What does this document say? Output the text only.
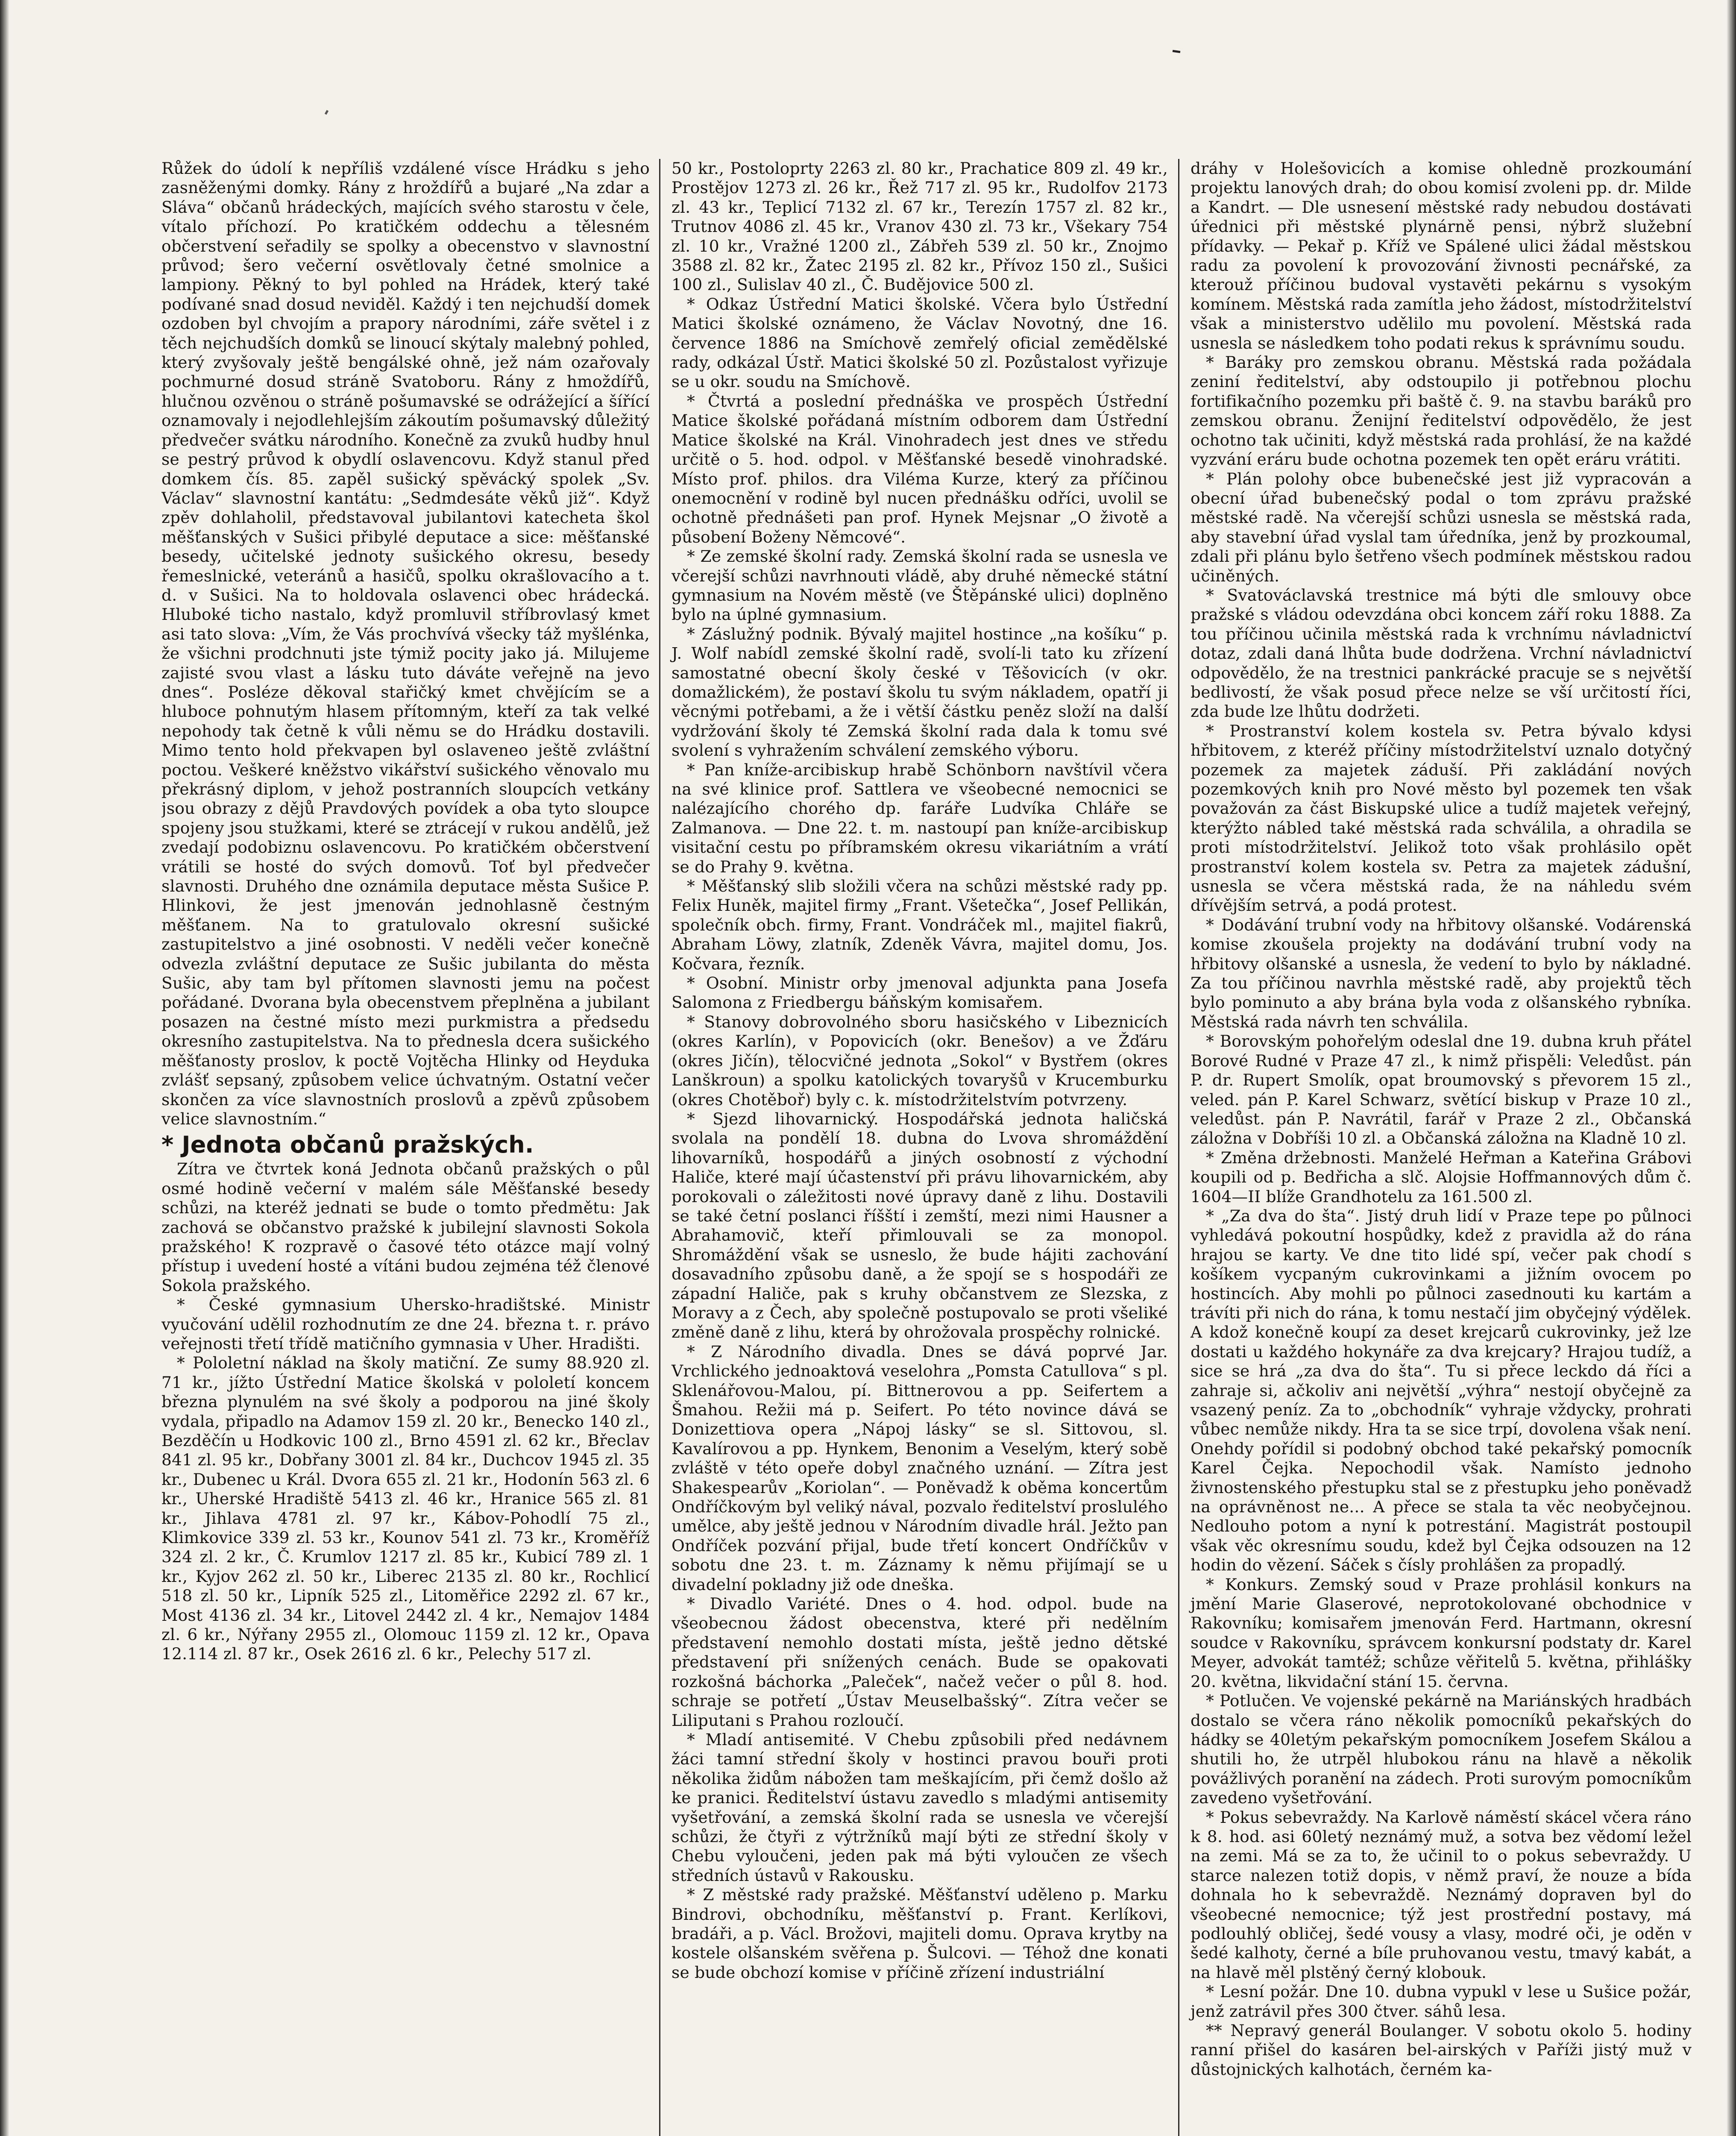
Růžek do údolí k nepříliš vzdálené vísce Hrádku s jeho zasněženými domky. Rány z hroždířů a bujaré „Na zdar a Sláva“ občanů hrádeckých, majících svého starostu v čele, vítalo příchozí. Po kratičkém oddechu a tělesném občerstvení seřadily se spolky a obecenstvo v slavnostní průvod; šero večerní osvětlovaly četné smolnice a lampiony. Pěkný to byl pohled na Hrádek, který také podívané snad dosud neviděl. Každý i ten nejchudší domek ozdoben byl chvojím a prapory národními, záře světel i z těch nejchudších domků se linoucí skýtaly malebný pohled, který zvyšovaly ještě bengálské ohně, jež nám ozařovaly pochmurné dosud stráně Svatoboru. Rány z hmoždířů, hlučnou ozvěnou o stráně pošumavské se odrážející a šířící oznamovaly i nejodlehlejším zákoutím pošumavský důležitý předvečer svátku národního. Konečně za zvuků hudby hnul se pestrý průvod k obydlí oslavencovu. Když stanul před domkem čís. 85. zapěl sušický spěvácký spolek „Sv. Václav“ slavnostní kantátu: „Sedmdesáte věků již“. Když zpěv dohlaholil, představoval jubilantovi katecheta škol měšťanských v Sušici přibylé deputace a sice: měšťanské besedy, učitelské jednoty sušického okresu, besedy řemeslnické, veteránů a hasičů, spolku okrašlovacího a t. d. v Sušici. Na to holdovala oslavenci obec hrádecká. Hluboké ticho nastalo, když promluvil stříbrovlasý kmet asi tato slova: „Vím, že Vás prochvívá všecky táž myšlénka, že všichni prodchnuti jste týmiž pocity jako já. Milujeme zajisté svou vlast a lásku tuto dáváte veřejně na jevo dnes“. Posléze děkoval stařičký kmet chvějícím se a hluboce pohnutým hlasem přítomným, kteří za tak velké nepohody tak četně k vůli němu se do Hrádku dostavili. Mimo tento hold překvapen byl oslaveneo ještě zvláštní poctou. Veškeré kněžstvo vikářství sušického věnovalo mu překrásný diplom, v jehož postranních sloupcích vetkány jsou obrazy z dějů Pravdových povídek a oba tyto sloupce spojeny jsou stužkami, které se ztrácejí v rukou andělů, jež zvedají podobiznu oslavencovu. Po kratičkém občerstvení vrátili se hosté do svých domovů. Toť byl předvečer slavnosti. Druhého dne oznámila deputace města Sušice P. Hlinkovi, že jest jmenován jednohlasně čestným měšťanem. Na to gratulovalo okresní sušické zastupitelstvo a jiné osobnosti. V neděli večer konečně odvezla zvláštní deputace ze Sušic jubilanta do města Sušic, aby tam byl přítomen slavnosti jemu na počest pořádané. Dvorana byla obecenstvem přeplněna a jubilant posazen na čestné místo mezi purkmistra a předsedu okresního zastupitelstva. Na to přednesla dcera sušického měšťanosty proslov, k poctě Vojtěcha Hlinky od Heyduka zvlášť sepsaný, způsobem velice úchvatným. Ostatní večer skončen za více slavnostních proslovů a zpěvů způsobem velice slavnostním.“

* Jednota občanů pražských.

Zítra ve čtvrtek koná Jednota občanů pražských o půl osmé hodině večerní v malém sále Měšťanské besedy schůzi, na kteréž jednati se bude o tomto předmětu: Jak zachová se občanstvo pražské k jubilejní slavnosti Sokola pražského! K rozpravě o časové této otázce mají volný přístup i uvedení hosté a vítáni budou zejména též členové Sokola pražského.

* České gymnasium Uhersko-hradištské. Ministr vyučování udělil rozhodnutím ze dne 24. března t. r. právo veřejnosti třetí třídě matičního gymnasia v Uher. Hradišti.

* Pololetní náklad na školy matiční. Ze sumy 88.920 zl. 71 kr., jížto Ústřední Matice školská v pololetí koncem března plynulém na své školy a podporou na jiné školy vydala, připadlo na Adamov 159 zl. 20 kr., Benecko 140 zl., Bezděčín u Hodkovic 100 zl., Brno 4591 zl. 62 kr., Břeclav 841 zl. 95 kr., Dobřany 3001 zl. 84 kr., Duchcov 1945 zl. 35 kr., Dubenec u Král. Dvora 655 zl. 21 kr., Hodonín 563 zl. 6 kr., Uherské Hradiště 5413 zl. 46 kr., Hranice 565 zl. 81 kr., Jihlava 4781 zl. 97 kr., Kábov-Pohodlí 75 zl., Klimkovice 339 zl. 53 kr., Kounov 541 zl. 73 kr., Kroměříž 324 zl. 2 kr., Č. Krumlov 1217 zl. 85 kr., Kubicí 789 zl. 1 kr., Kyjov 262 zl. 50 kr., Liberec 2135 zl. 80 kr., Rochlicí 518 zl. 50 kr., Lipník 525 zl., Litoměřice 2292 zl. 67 kr., Most 4136 zl. 34 kr., Litovel 2442 zl. 4 kr., Nemajov 1484 zl. 6 kr., Nýřany 2955 zl., Olomouc 1159 zl. 12 kr., Opava 12.114 zl. 87 kr., Osek 2616 zl. 6 kr., Pelechy 517 zl.

50 kr., Postoloprty 2263 zl. 80 kr., Prachatice 809 zl. 49 kr., Prostějov 1273 zl. 26 kr., Řež 717 zl. 95 kr., Rudolfov 2173 zl. 43 kr., Teplicí 7132 zl. 67 kr., Terezín 1757 zl. 82 kr., Trutnov 4086 zl. 45 kr., Vranov 430 zl. 73 kr., Všekary 754 zl. 10 kr., Vražné 1200 zl., Zábřeh 539 zl. 50 kr., Znojmo 3588 zl. 82 kr., Žatec 2195 zl. 82 kr., Přívoz 150 zl., Sušici 100 zl., Sulislav 40 zl., Č. Budějovice 500 zl.

* Odkaz Ústřední Matici školské. Včera bylo Ústřední Matici školské oznámeno, že Václav Novotný, dne 16. července 1886 na Smíchově zemřelý oficial zemědělské rady, odkázal Ústř. Matici školské 50 zl. Pozůstalost vyřizuje se u okr. soudu na Smíchově.

* Čtvrtá a poslední přednáška ve prospěch Ústřední Matice školské pořádaná místním odborem dam Ústřední Matice školské na Král. Vinohradech jest dnes ve středu určitě o 5. hod. odpol. v Měšťanské besedě vinohradské. Místo prof. philos. dra Viléma Kurze, který za příčinou onemocnění v rodině byl nucen přednášku odříci, uvolil se ochotně přednášeti pan prof. Hynek Mejsnar „O životě a působení Boženy Němcové“.

* Ze zemské školní rady. Zemská školní rada se usnesla ve včerejší schůzi navrhnouti vládě, aby druhé německé státní gymnasium na Novém městě (ve Štěpánské ulici) doplněno bylo na úplné gymnasium.

* Záslužný podnik. Bývalý majitel hostince „na košíku“ p. J. Wolf nabídl zemské školní radě, svolí-li tato ku zřízení samostatné obecní školy české v Těšovicích (v okr. domažlickém), že postaví školu tu svým nákladem, opatří ji věcnými potřebami, a že i větší částku peněz složí na další vydržování školy té Zemská školní rada dala k tomu své svolení s vyhražením schválení zemského výboru.

* Pan kníže-arcibiskup hrabě Schönborn navštívil včera na své klinice prof. Sattlera ve všeobecné nemocnici se nalézajícího chorého dp. faráře Ludvíka Chláře se Zalmanova. — Dne 22. t. m. nastoupí pan kníže-arcibiskup visitační cestu po příbramském okresu vikariátním a vrátí se do Prahy 9. května.

* Měšťanský slib složili včera na schůzi městské rady pp. Felix Huněk, majitel firmy „Frant. Všetečka“, Josef Pellikán, společník obch. firmy, Frant. Vondráček ml., majitel fiakrů, Abraham Löwy, zlatník, Zdeněk Vávra, majitel domu, Jos. Kočvara, řezník.

* Osobní. Ministr orby jmenoval adjunkta pana Josefa Salomona z Friedbergu báňským komisařem.

* Stanovy dobrovolného sboru hasičského v Libeznicích (okres Karlín), v Popovicích (okr. Benešov) a ve Žďáru (okres Jičín), tělocvičné jednota „Sokol“ v Bystřem (okres Lanškroun) a spolku katolických tovaryšů v Krucemburku (okres Chotěboř) byly c. k. místodržitelstvím potvrzeny.

* Sjezd lihovarnický. Hospodářská jednota haličská svolala na pondělí 18. dubna do Lvova shromáždění lihovarníků, hospodářů a jiných osobností z východní Haliče, které mají účastenství při právu lihovarnickém, aby porokovali o záležitosti nové úpravy daně z lihu. Dostavili se také četní poslanci říšští i zemští, mezi nimi Hausner a Abrahamovič, kteří přimlouvali se za monopol. Shromáždění však se usneslo, že bude hájiti zachování dosavadního způsobu daně, a že spojí se s hospodáři ze západní Haliče, pak s kruhy občanstvem ze Slezska, z Moravy a z Čech, aby společně postupovalo se proti všeliké změně daně z lihu, která by ohrožovala prospěchy rolnické.

* Z Národního divadla. Dnes se dává poprvé Jar. Vrchlického jednoaktová veselohra „Pomsta Catullova“ s pl. Sklenářovou-Malou, pí. Bittnerovou a pp. Seifertem a Šmahou. Režii má p. Seifert. Po této novince dává se Donizettiova opera „Nápoj lásky“ se sl. Sittovou, sl. Kavalírovou a pp. Hynkem, Benonim a Veselým, který sobě zvláště v této opeře dobyl značného uznání. — Zítra jest Shakespearův „Koriolan“. — Poněvadž k oběma koncertům Ondříčkovým byl veliký nával, pozvalo ředitelství proslulého umělce, aby ještě jednou v Národním divadle hrál. Ježto pan Ondříček pozvání přijal, bude třetí koncert Ondříčkův v sobotu dne 23. t. m. Záznamy k němu přijímají se u divadelní pokladny již ode dneška.

* Divadlo Variété. Dnes o 4. hod. odpol. bude na všeobecnou žádost obecenstva, které při nedělním představení nemohlo dostati místa, ještě jedno dětské představení při snížených cenách. Bude se opakovati rozkošná báchorka „Paleček“, načež večer o půl 8. hod. schraje se potřetí „Ústav Meuselbašský“. Zítra večer se Liliputani s Prahou rozloučí.

* Mladí antisemité. V Chebu způsobili před nedávnem žáci tamní střední školy v hostinci pravou bouři proti několika židům nábožen tam meškajícím, při čemž došlo až ke pranici. Ředitelství ústavu zavedlo s mladými antisemity vyšetřování, a zemská školní rada se usnesla ve včerejší schůzi, že čtyři z výtržníků mají býti ze střední školy v Chebu vyloučeni, jeden pak má býti vyloučen ze všech středních ústavů v Rakousku.

* Z městské rady pražské. Měšťanství uděleno p. Marku Bindrovi, obchodníku, měšťanství p. Frant. Kerlíkovi, bradáři, a p. Václ. Brožovi, majiteli domu. Oprava krytby na kostele olšanském svěřena p. Šulcovi. — Téhož dne konati se bude obchozí komise v příčině zřízení industriální

dráhy v Holešovicích a komise ohledně prozkoumání projektu lanových drah; do obou komisí zvoleni pp. dr. Milde a Kandrt. — Dle usnesení městské rady nebudou dostávati úřednici při městské plynárně pensi, nýbrž služební přídavky. — Pekař p. Kříž ve Spálené ulici žádal městskou radu za povolení k provozování živnosti pecnářské, za kterouž příčinou budoval vystavěti pekárnu s vysokým komínem. Městská rada zamítla jeho žádost, místodržitelství však a ministerstvo udělilo mu povolení. Městská rada usnesla se následkem toho podati rekus k správnímu soudu.

* Baráky pro zemskou obranu. Městská rada požádala zeniní ředitelství, aby odstoupilo ji potřebnou plochu fortifikačního pozemku při baště č. 9. na stavbu baráků pro zemskou obranu. Ženijní ředitelství odpovědělo, že jest ochotno tak učiniti, když městská rada prohlásí, že na každé vyzvání eráru bude ochotna pozemek ten opět eráru vrátiti.

* Plán polohy obce bubenečské jest již vypracován a obecní úřad bubenečský podal o tom zprávu pražské městské radě. Na včerejší schůzi usnesla se městská rada, aby stavební úřad vyslal tam úředníka, jenž by prozkoumal, zdali při plánu bylo šetřeno všech podmínek městskou radou učiněných.

* Svatováclavská trestnice má býti dle smlouvy obce pražské s vládou odevzdána obci koncem září roku 1888. Za tou příčinou učinila městská rada k vrchnímu návladnictví dotaz, zdali daná lhůta bude dodržena. Vrchní návladnictví odpovědělo, že na trestnici pankrácké pracuje se s největší bedlivostí, že však posud přece nelze se vší určitostí říci, zda bude lze lhůtu dodržeti.

* Prostranství kolem kostela sv. Petra bývalo kdysi hřbitovem, z kteréž příčiny místodržitelství uznalo dotyčný pozemek za majetek záduší. Při zakládání nových pozemkových knih pro Nové město byl pozemek ten však považován za část Biskupské ulice a tudíž majetek veřejný, kterýžto nábled také městská rada schválila, a ohradila se proti místodržitelství. Jelikož toto však prohlásilo opět prostranství kolem kostela sv. Petra za majetek zádušní, usnesla se včera městská rada, že na náhledu svém dřívějším setrvá, a podá protest.

* Dodávání trubní vody na hřbitovy olšanské. Vodárenská komise zkoušela projekty na dodávání trubní vody na hřbitovy olšanské a usnesla, že vedení to bylo by nákladné. Za tou příčinou navrhla městské radě, aby projektů těch bylo pominuto a aby brána byla voda z olšanského rybníka. Městská rada návrh ten schválila.

* Borovským pohořelým odeslal dne 19. dubna kruh přátel Borové Rudné v Praze 47 zl., k nimž přispěli: Veledůst. pán P. dr. Rupert Smolík, opat broumovský s převorem 15 zl., veled. pán P. Karel Schwarz, světící biskup v Praze 10 zl., veledůst. pán P. Navrátil, farář v Praze 2 zl., Občanská záložna v Dobříši 10 zl. a Občanská záložna na Kladně 10 zl.

* Změna držebnosti. Manželé Heřman a Kateřina Grábovi koupili od p. Bedřicha a slč. Alojsie Hoffmannových dům č. 1604—II blíže Grandhotelu za 161.500 zl.

* „Za dva do šta“. Jistý druh lidí v Praze tepe po půlnoci vyhledává pokoutní hospůdky, kdež z pravidla až do rána hrajou se karty. Ve dne tito lidé spí, večer pak chodí s košíkem vycpaným cukrovinkami a jižním ovocem po hostincích. Aby mohli po půlnoci zasednouti ku kartám a trávíti při nich do rána, k tomu nestačí jim obyčejný výdělek. A kdož konečně koupí za deset krejcarů cukrovinky, jež lze dostati u každého hokynáře za dva krejcary? Hrajou tudíž, a sice se hrá „za dva do šta“. Tu si přece leckdo dá říci a zahraje si, ačkoliv ani největší „výhra“ nestojí obyčejně za vsazený peníz. Za to „obchodník“ vyhraje vždycky, prohrati vůbec nemůže nikdy. Hra ta se sice trpí, dovolena však není. Onehdy pořídil si podobný obchod také pekařský pomocník Karel Čejka. Nepochodil však. Namísto jednoho živnostenského přestupku stal se z přestupku jeho poněvadž na oprávněnost ne... A přece se stala ta věc neobyčejnou. Nedlouho potom a nyní k potrestání. Magistrát postoupil však věc okresnímu soudu, kdež byl Čejka odsouzen na 12 hodin do vězení. Sáček s čísly prohlášen za propadlý.

* Konkurs. Zemský soud v Praze prohlásil konkurs na jmění Marie Glaserové, neprotokolované obchodnice v Rakovníku; komisařem jmenován Ferd. Hartmann, okresní soudce v Rakovníku, správcem konkursní podstaty dr. Karel Meyer, advokát tamtéž; schůze věřitelů 5. května, přihlášky 20. května, likvidační stání 15. června.

* Potlučen. Ve vojenské pekárně na Mariánských hradbách dostalo se včera ráno několik pomocníků pekařských do hádky se 40letým pekařským pomocníkem Josefem Skálou a shutili ho, že utrpěl hlubokou ránu na hlavě a několik povážlivých poranění na zádech. Proti surovým pomocníkům zavedeno vyšetřování.

* Pokus sebevraždy. Na Karlově náměstí skácel včera ráno k 8. hod. asi 60letý neznámý muž, a sotva bez vědomí ležel na zemi. Má se za to, že učinil to o pokus sebevraždy. U starce nalezen totiž dopis, v němž praví, že nouze a bída dohnala ho k sebevraždě. Neznámý dopraven byl do všeobecné nemocnice; týž jest prostřední postavy, má podlouhlý obličej, šedé vousy a vlasy, modré oči, je oděn v šedé kalhoty, černé a bíle pruhovanou vestu, tmavý kabát, a na hlavě měl plstěný černý klobouk.

* Lesní požár. Dne 10. dubna vypukl v lese u Sušice požár, jenž zatrávil přes 300 čtver. sáhů lesa.

** Nepravý generál Boulanger. V sobotu okolo 5. hodiny ranní přišel do kasáren bel-airských v Paříži jistý muž v důstojnických kalhotách, černém ka-
